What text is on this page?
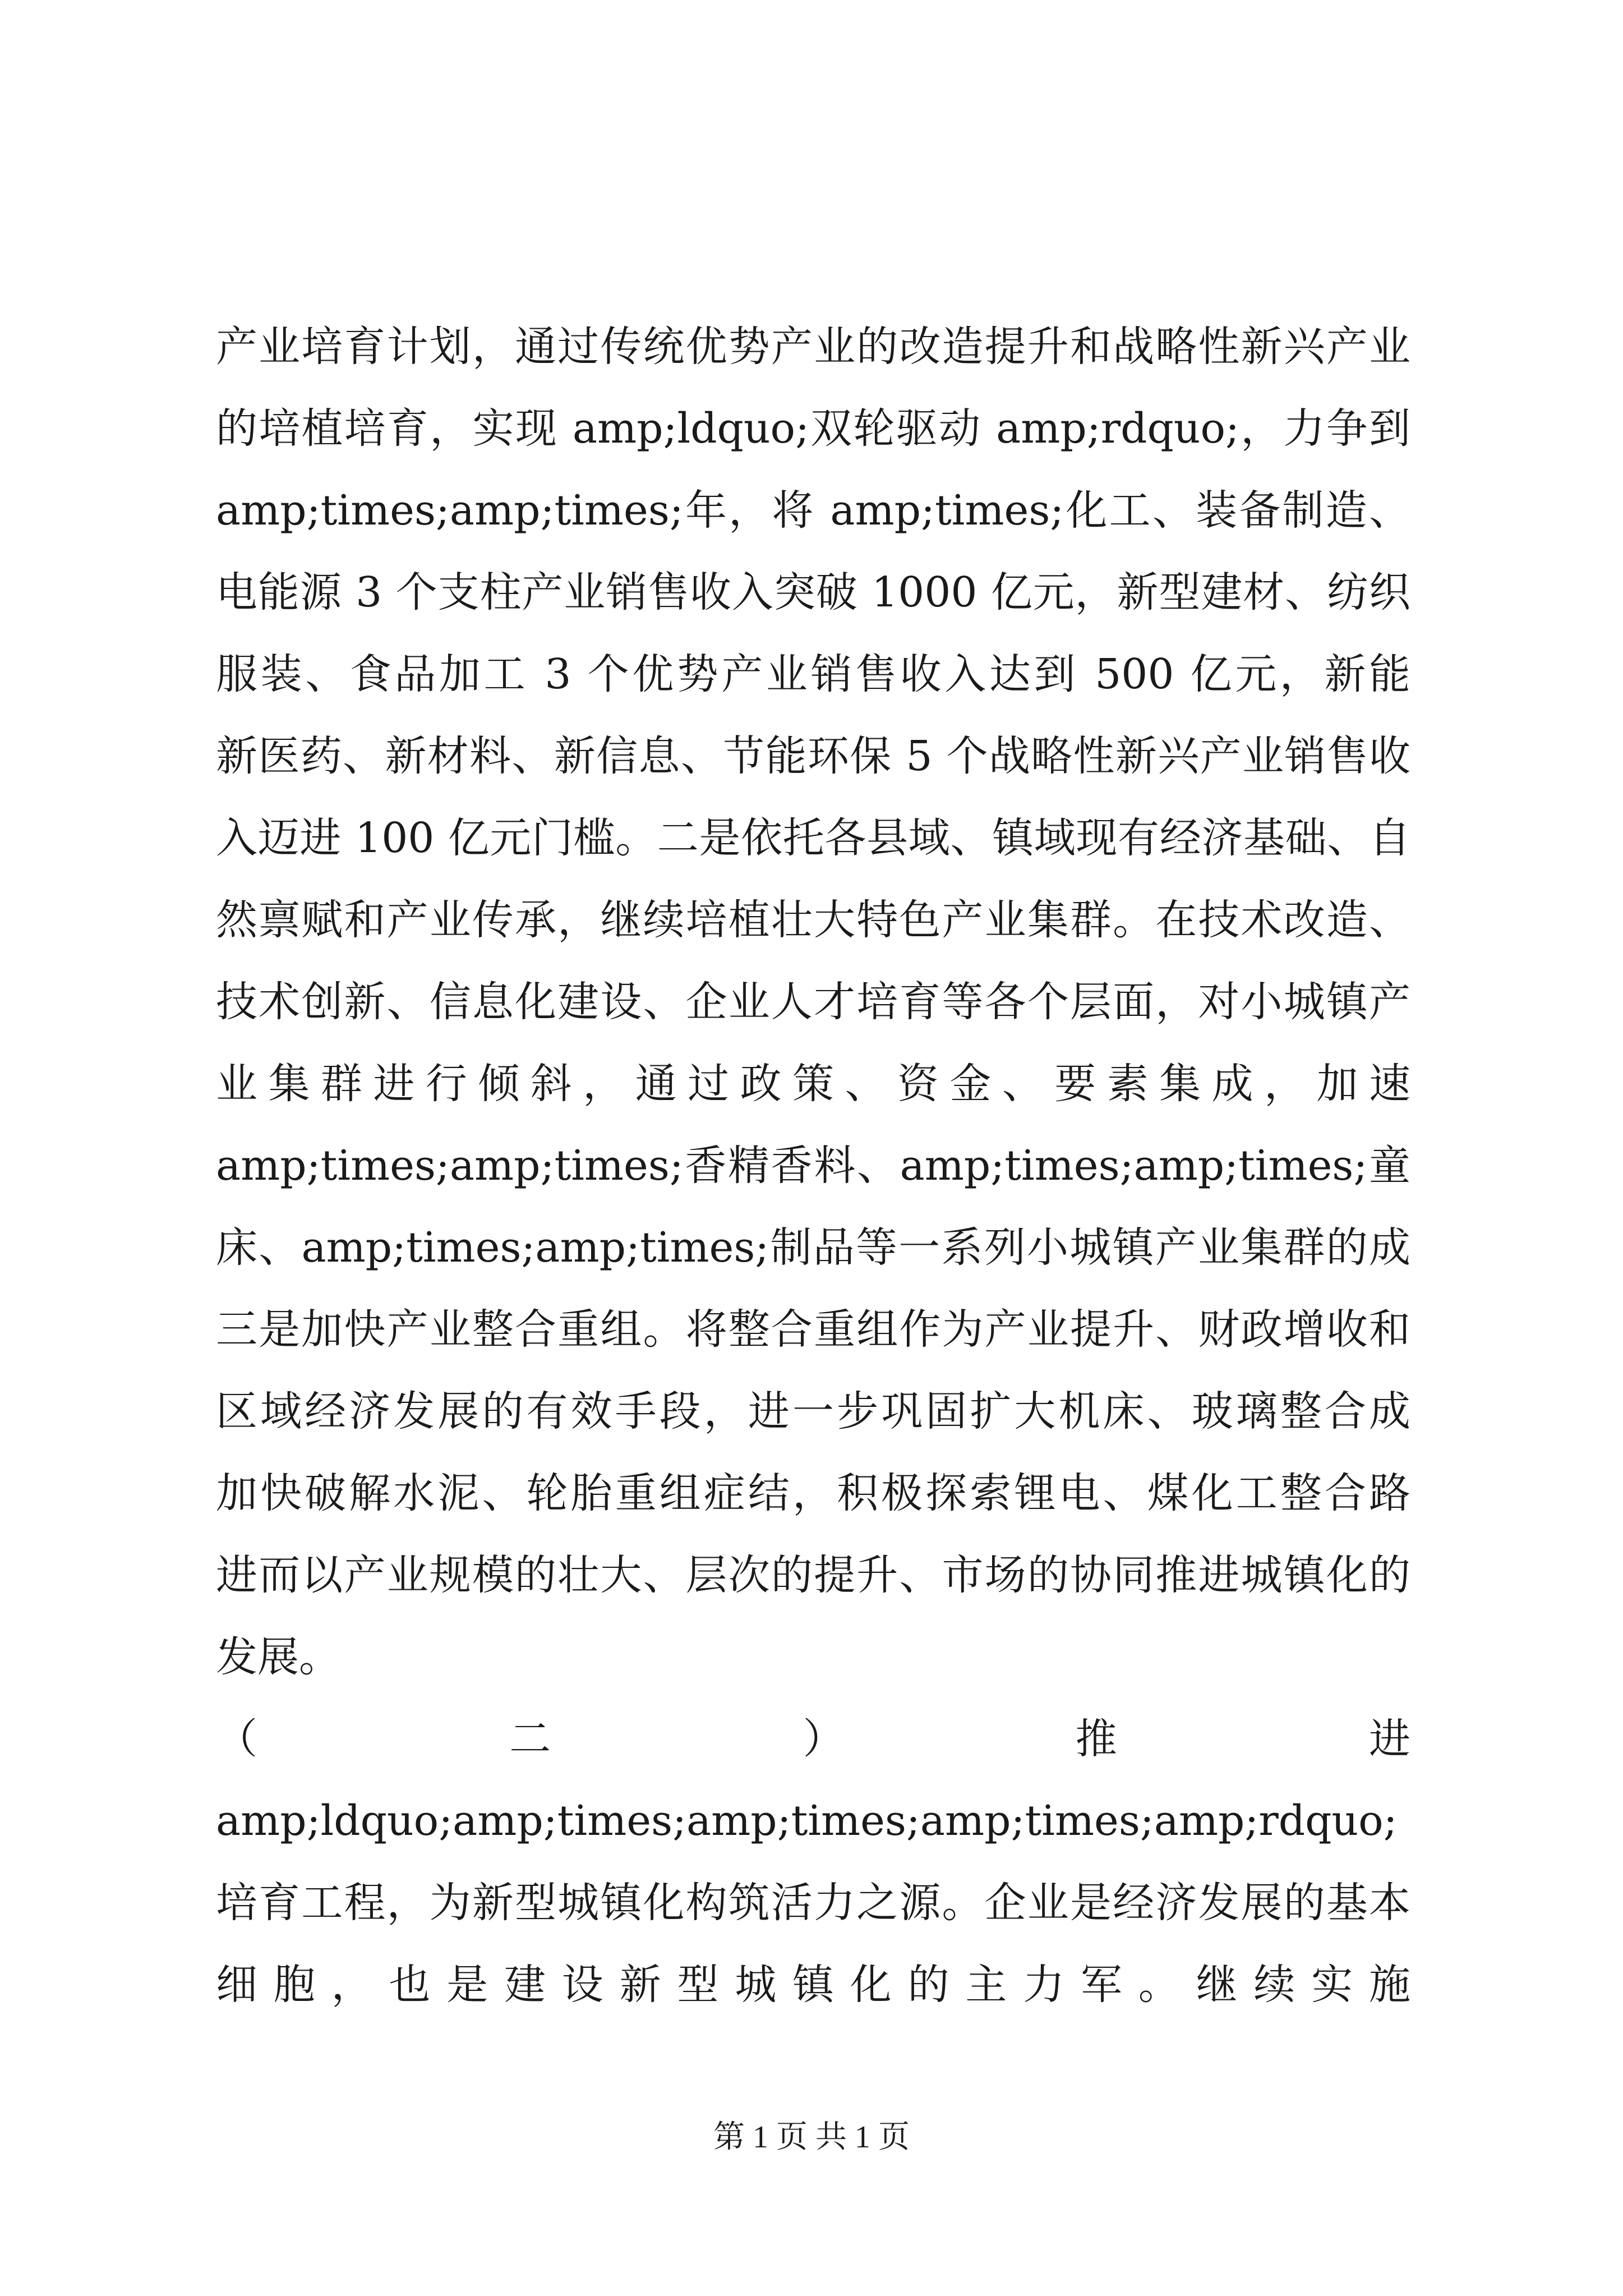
产业培育计划，通过传统优势产业的改造提升和战略性新兴产业
的培植培育，实现 amp;ldquo;双轮驱动 amp;rdquo;，力争到
amp;times;amp;times;年，将 amp;times;化工、装备制造、
电能源 3 个支柱产业销售收入突破 1000 亿元，新型建材、纺织
服装、食品加工 3 个优势产业销售收入达到 500 亿元，新能
新医药、新材料、新信息、节能环保 5 个战略性新兴产业销售收
入迈进 100 亿元门槛。二是依托各县域、镇域现有经济基础、自
然禀赋和产业传承，继续培植壮大特色产业集群。在技术改造、
技术创新、信息化建设、企业人才培育等各个层面，对小城镇产
业集群进行倾斜，通过政策、资金、要素集成，加速
amp;times;amp;times;香精香料、amp;times;amp;times;童
床、amp;times;amp;times;制品等一系列小城镇产业集群的成
三是加快产业整合重组。将整合重组作为产业提升、财政增收和
区域经济发展的有效手段，进一步巩固扩大机床、玻璃整合成
加快破解水泥、轮胎重组症结，积极探索锂电、煤化工整合路
进而以产业规模的壮大、层次的提升、市场的协同推进城镇化的
发展。
（　　　　二　　　　）　　　　推　　　　进
amp;ldquo;amp;times;amp;times;amp;times;amp;rdquo;
培育工程，为新型城镇化构筑活力之源。企业是经济发展的基本
细胞，也是建设新型城镇化的主力军。继续实施
第 1 页 共 1 页
